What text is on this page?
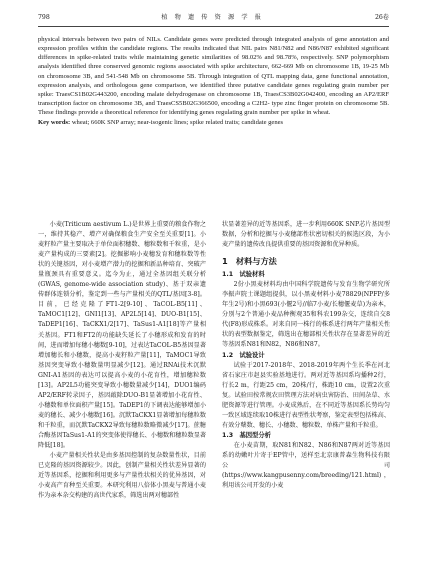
798	植 物 遗 传 资 源 学 报	26卷

physical intervals between two pairs of NILs. Candidate genes were predicted through integrated analysis of gene annotation and expression profiles within the candidate regions. The results indicated that NIL pairs N81/N82 and N86/N87 exhibited significant differences in spike-related traits while maintaining genetic similarities of 98.02% and 98.78%, respectively. SNP polymorphism analysis identified three conserved genomic regions associated with spike architecture, 662-669 Mb on chromosome 1B, 19-25 Mb on chromosome 3B, and 541-548 Mb on chromosome 5B. Through integration of QTL mapping data, gene functional annotation, expression analysis, and orthologous gene comparison, we identified three putative candidate genes regulating grain number per spike: TraesCS1B02G443200, encoding malate dehydrogenase on chromosome 1B, TraesCS3B02G042400, encoding an AP2/ERF transcription factor on chromosome 3B, and TraesCS5B02G366500, encoding a C2H2- type zinc finger protein on chromosome 5B. These findings provide a theoretical reference for identifying genes regulating grain number per spike in wheat.

Key words: wheat; 660K SNP array; near-isogenic lines; spike related traits; candidate genes

小麦(Triticum aestivum L.)是世界上重要的粮食作物之一，维持其稳产、增产对确保粮食生产安全至关重要[1]。小麦籽粒产量主要取决于单位面积穗数、穗粒数和千粒重，是小麦产量构成的三要素[2]。挖掘影响小麦穗发育和穗粒数等性状的关键基因，对小麦增产潜力的挖掘和新品种培育、突破产量瓶颈具有重要意义。迄今为止，通过全基因组关联分析(GWAS, genome-wide association study)、基于双亲遗传群体连锁分析，鉴定到一些与产量相关的QTL/基因[3-8]。目前，已经克隆了FT1-2[9-10]、TaCOL-B5[11]、TaMOC1[12]、GNI1[13]、AP2L5[14]、DUO-B1[15]、TaDEP1[16]、TaCKX1/2[17]、TaSus1-A1[18]等产量相关基因。FT1和FT2的功能缺失延长了小穗形成和发育的时间，进而增加每穗小穗数[9-10]，过表达TaCOL-B5基因显著增加穗长和小穗数，提高小麦籽粒产量[11]，TaMOC1导致基因突变导致小穗数量明显减少[12]。通过RNAi技术沉默GNI-A1基因的表达可以提高小麦的小花育性，增加穗粒数[13]。AP2L5功能突变导致小穗数量减少[14]，DUO1编码AP2/ERF转录因子，基因敲除DUO-B1显著增加小花育性、小穗数和单位面积产量[15]。TaDEP1的下调表达能够增加小麦的穗长、减少小穗数[16]。沉默TaCKX1显著增加每穗粒数和千粒重，而沉默TaCKX2导致每穗粒数略微减少[17]。蔗糖合酶基因TaSus1-A1的突变体使得穗长、小穗数和穗粒数显著降低[18]。

小麦产量相关性状是由多基因控制的复杂数量性状，目前已克隆的基因资源较少。因此，创制产量相关性状差异显著的近等基因系，挖掘和利用更多与产量性状相关的优异基因，对小麦高产育种至关重要。本研究利用八倍体小黑麦与普通小麦作为亲本杂交构建的高世代家系，筛选出两对穗部性

状显著差异的近等基因系，进一步利用660K SNP芯片基因型数据，分析和挖掘与小麦穗部性状密切相关的候选区段，为小麦产量的遗传改良提供重要的基因资源和优异种质。

1　材料与方法
1.1　试验材料

2份小黑麦材料均由中国科学院遗传与发育生物学研究所李振声院士课题组提供，以小黑麦材料小麦78829(NPFP/多年生2号)和小黑693(小偃2号//临7小麦/长穗偃麦草)为亲本，分别与2个普通小麦品种衡观35和科农199杂交，连续自交8代(F8)形成株系。对来自同一株行的株系进行两年产量相关性状的表型数据鉴定，筛选出在穗部相关性状存在显著差异的近等基因系N81和N82，N86和N87。

1.2　试验设计

试验于2017-2018年、2018-2019年两个生长季在河北省石家庄市赵县实验基地进行。两对近等基因系均播种2行，行长2 m，行距25 cm，20株/行，株距10 cm，设置2次重复。试验田按常规农田管理方法对病虫害防治、田间杂草、水肥资源等进行管理。小麦成熟后，在不同近等基因系长势均匀一致区域连续取10株进行表型性状考察，鉴定表型包括株高、有效分蘖数、穗长、小穗数、穗粒数、单株产量和千粒重。

1.3　基因型分析

在小麦苗期，取N81和N82、N86和N87两对近等基因系的幼嫩叶片寄于EP管中，送样至北京康普森生物科技有限公司(https://www.kangpusenny.com/breeding/121.html)，利用该公司开发的小麦
